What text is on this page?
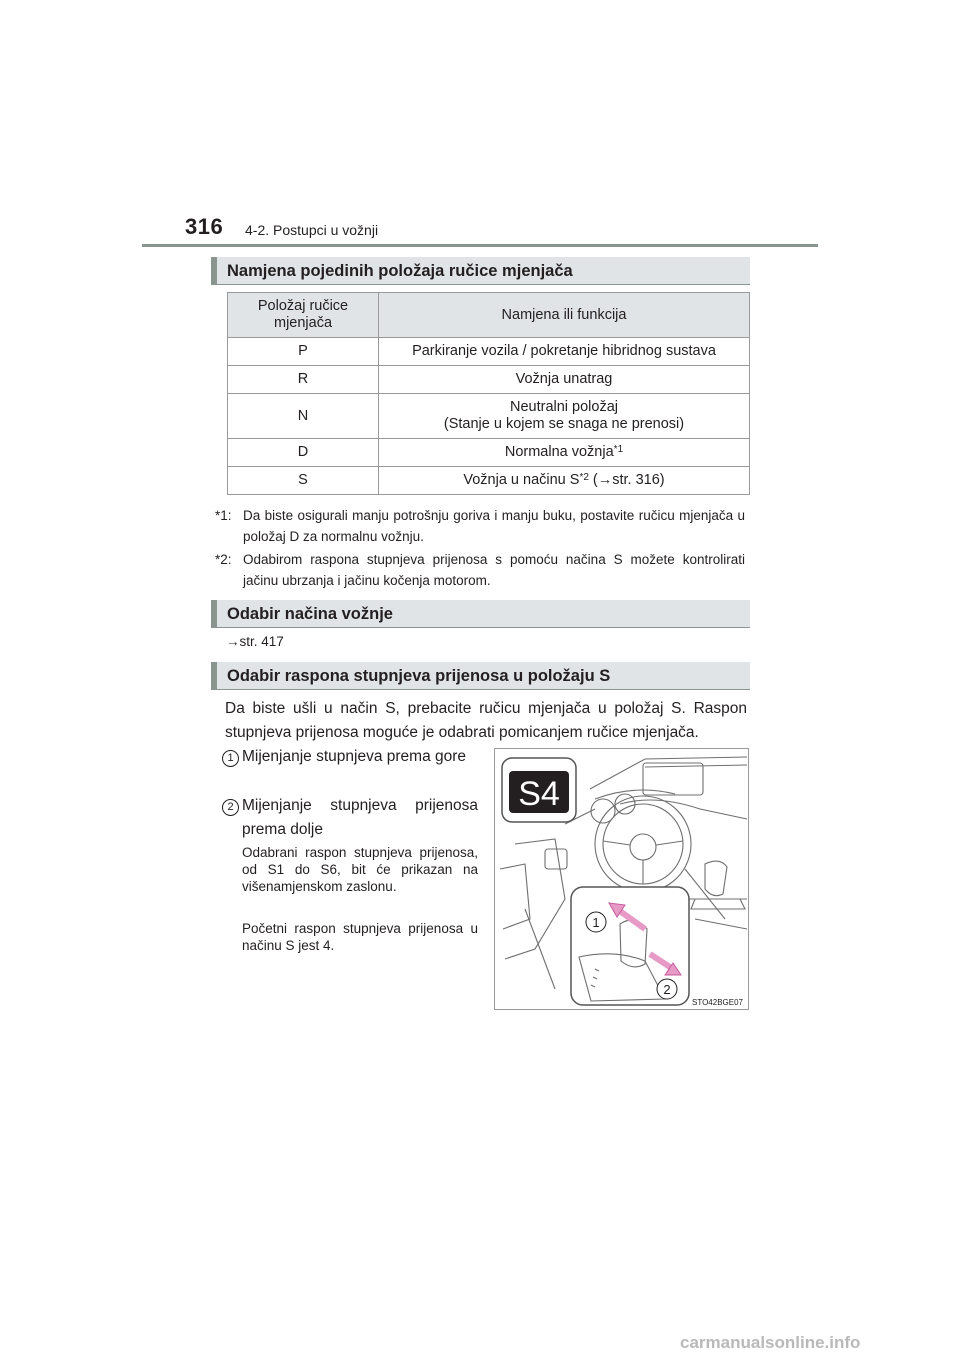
316 4-2. Postupci u vožnji
Namjena pojedinih položaja ručice mjenjača
Položaj ručice
mjenjača	Namjena ili funkcija
P	Parkiranje vozila / pokretanje hibridnog sustava
R	Vožnja unatrag
N	Neutralni položaj
(Stanje u kojem se snaga ne prenosi)
D	Normalna vožnja$^{*1}$
S	Vožnja u načinu $S^{*2}$ (→str. 316)
*1: Da biste osigurali manju potrošnju goriva i manju buku, postavite ručicu mjenjača u položaj D za normalnu vožnju.
*2: Odabirom raspona stupnjeva prijenosa s pomoću načina S možete kontrolirati jačinu ubrzanja i jačinu kočenja motorom.
Odabir načina vožnje
→str. 417
Odabir raspona stupnjeva prijenosa u položaju S
Da biste ušli u način S, prebacite ručicu mjenjača u položaj S. Raspon stupnjeva prijenosa moguće je odabrati pomicanjem ručice mjenjača.
1 Mijenjanje stupnjeva prema gore
2 Mijenjanje stupnjeva prijenosa prema dolje
Odabrani raspon stupnjeva prijenosa, od S1 do S6, bit će prikazan na višenamjenskom zaslonu.
Početni raspon stupnjeva prijenosa u načinu S jest 4.
S4
1
2
STO42BGE07
carmanualsonline.info
